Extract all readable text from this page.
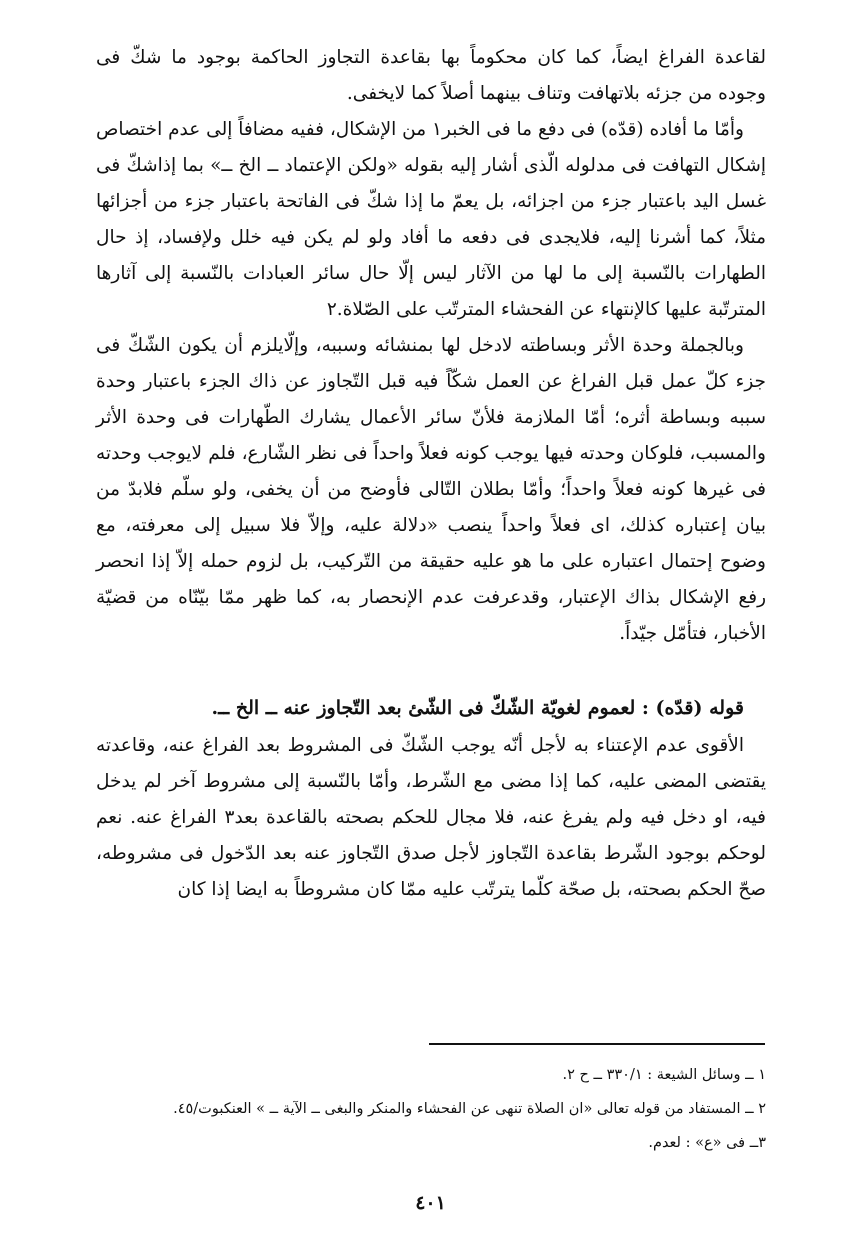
لقاعدة الفراغ ايضاً، كما كان محكوماً بها بقاعدة التجاوز الحاكمة بوجود ما شكّ فى وجوده من جزئه بلاتهافت وتناف بينهما أصلاً كما لايخفى.

وأمّا ما أفاده (قدّه) فى دفع ما فى الخبر١ من الإشكال، ففيه مضافاً إلى عدم اختصاص إشكال التهافت فى مدلوله الّذى أشار إليه بقوله «ولكن الإعتماد ــ الخ ــ» بما إذاشكّ فى غسل اليد باعتبار جزء من اجزائه، بل يعمّ ما إذا شكّ فى الفاتحة باعتبار جزء من أجزائها مثلاً، كما أشرنا إليه، فلايجدى فى دفعه ما أفاد ولو لم يكن فيه خلل ولإفساد، إذ حال الطهارات بالنّسبة إلى ما لها من الآثار ليس إلّا حال سائر العبادات بالنّسبة إلى آثارها المترتّبة عليها كالإنتهاء عن الفحشاء المترتّب على الصّلاة.٢

وبالجملة وحدة الأثر وبساطته لادخل لها بمنشائه وسببه، وإلّايلزم أن يكون الشّكّ فى جزء كلّ عمل قبل الفراغ عن العمل شكّاً فيه قبل التّجاوز عن ذاك الجزء باعتبار وحدة سببه وبساطة أثره؛ أمّا الملازمة فلأنّ سائر الأعمال يشارك الطّهارات فى وحدة الأثر والمسبب، فلوكان وحدته فيها يوجب كونه فعلاً واحداً فى نظر الشّارع، فلم لايوجب وحدته فى غيرها كونه فعلاً واحداً؛ وأمّا بطلان التّالى فأوضح من أن يخفى، ولو سلّم فلابدّ من بيان إعتباره كذلك، اى فعلاً واحداً ينصب «دلالة عليه، وإلاّ فلا سبيل إلى معرفته، مع وضوح إحتمال اعتباره على ما هو عليه حقيقة من التّركيب، بل لزوم حمله إلاّ إذا انحصر رفع الإشكال بذاك الإعتبار، وقدعرفت عدم الإنحصار به، كما ظهر ممّا بيّنّاه من قضيّة الأخبار، فتأمّل جيّداً.

قوله (قدّه) : لعموم لغويّة الشّكّ فى الشّئ بعد التّجاوز عنه ــ الخ ــ.

الأقوى عدم الإعتناء به لأجل أنّه يوجب الشّكّ فى المشروط بعد الفراغ عنه، وقاعدته يقتضى المضى عليه، كما إذا مضى مع الشّرط، وأمّا بالنّسبة إلى مشروط آخر لم يدخل فيه، او دخل فيه ولم يفرغ عنه، فلا مجال للحكم بصحته بالقاعدة بعد٣ الفراغ عنه. نعم لوحكم بوجود الشّرط بقاعدة التّجاوز لأجل صدق التّجاوز عنه بعد الدّخول فى مشروطه، صحّ الحكم بصحته، بل صحّة كلّما يترتّب عليه ممّا كان مشروطاً به ايضا إذا كان

١ ــ وسائل الشيعة : ٣٣٠/١ ــ ح ٢.

٢ ــ المستفاد من قوله تعالى «ان الصلاة تنهى عن الفحشاء والمنكر والبغى ــ الآية ــ » العنكبوت/٤٥.

٣ــ فى «ع» : لعدم.

٤٠١
